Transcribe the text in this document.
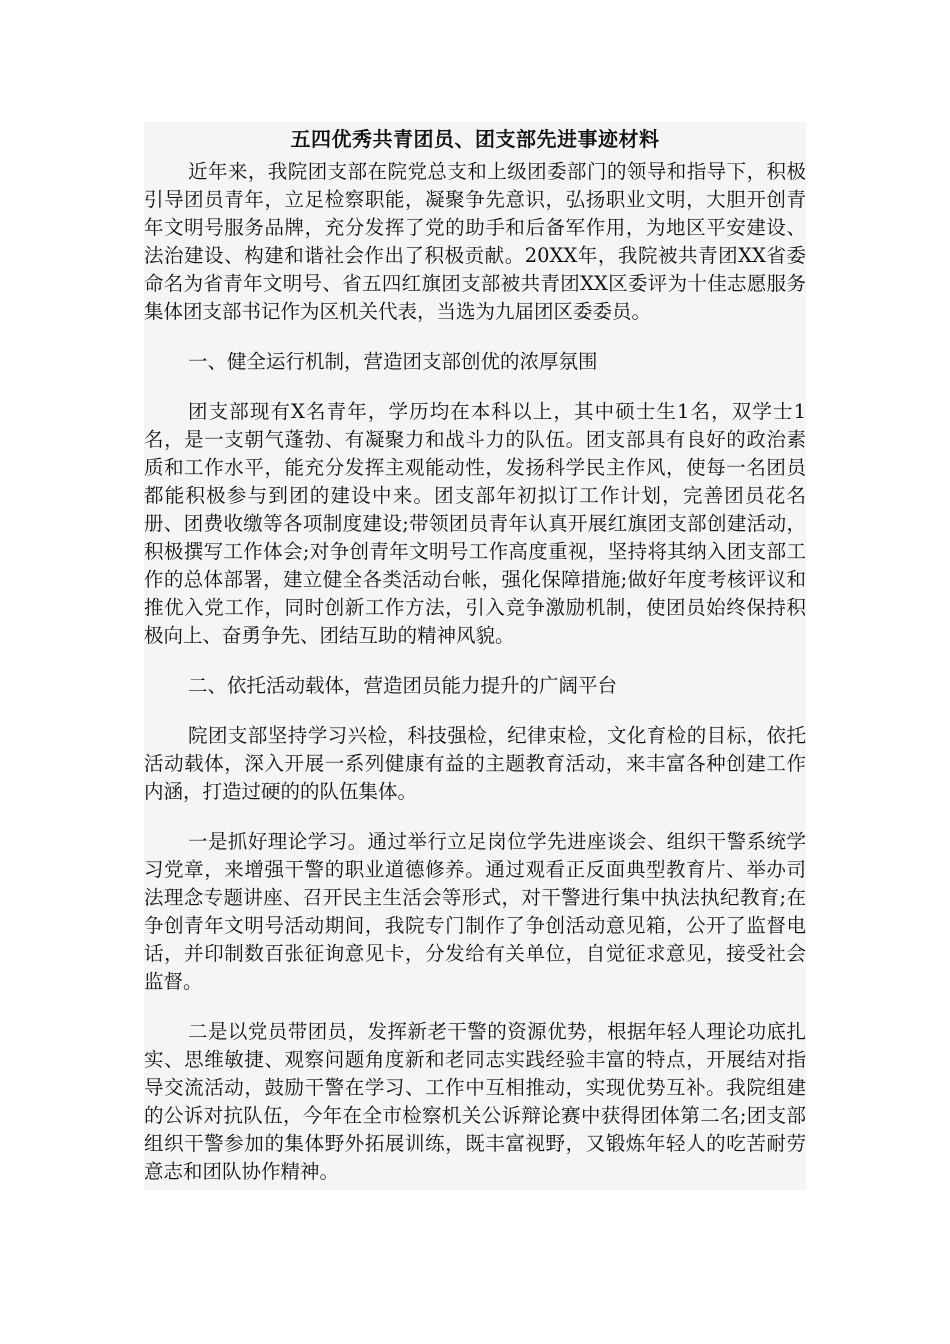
五四优秀共青团员、团支部先进事迹材料

近年来，我院团支部在院党总支和上级团委部门的领导和指导下，积极引导团员青年，立足检察职能，凝聚争先意识，弘扬职业文明，大胆开创青年文明号服务品牌，充分发挥了党的助手和后备军作用，为地区平安建设、法治建设、构建和谐社会作出了积极贡献。20XX年，我院被共青团XX省委命名为省青年文明号、省五四红旗团支部被共青团XX区委评为十佳志愿服务集体团支部书记作为区机关代表，当选为九届团区委委员。

一、健全运行机制，营造团支部创优的浓厚氛围

团支部现有X名青年，学历均在本科以上，其中硕士生1名，双学士1名，是一支朝气蓬勃、有凝聚力和战斗力的队伍。团支部具有良好的政治素质和工作水平，能充分发挥主观能动性，发扬科学民主作风，使每一名团员都能积极参与到团的建设中来。团支部年初拟订工作计划，完善团员花名册、团费收缴等各项制度建设;带领团员青年认真开展红旗团支部创建活动，积极撰写工作体会;对争创青年文明号工作高度重视，坚持将其纳入团支部工作的总体部署，建立健全各类活动台帐，强化保障措施;做好年度考核评议和推优入党工作，同时创新工作方法，引入竞争激励机制，使团员始终保持积极向上、奋勇争先、团结互助的精神风貌。

二、依托活动载体，营造团员能力提升的广阔平台

院团支部坚持学习兴检，科技强检，纪律束检，文化育检的目标，依托活动载体，深入开展一系列健康有益的主题教育活动，来丰富各种创建工作内涵，打造过硬的的队伍集体。

一是抓好理论学习。通过举行立足岗位学先进座谈会、组织干警系统学习党章，来增强干警的职业道德修养。通过观看正反面典型教育片、举办司法理念专题讲座、召开民主生活会等形式，对干警进行集中执法执纪教育;在争创青年文明号活动期间，我院专门制作了争创活动意见箱，公开了监督电话，并印制数百张征询意见卡，分发给有关单位，自觉征求意见，接受社会监督。

二是以党员带团员，发挥新老干警的资源优势，根据年轻人理论功底扎实、思维敏捷、观察问题角度新和老同志实践经验丰富的特点，开展结对指导交流活动，鼓励干警在学习、工作中互相推动，实现优势互补。我院组建的公诉对抗队伍，今年在全市检察机关公诉辩论赛中获得团体第二名;团支部组织干警参加的集体野外拓展训练，既丰富视野，又锻炼年轻人的吃苦耐劳意志和团队协作精神。
